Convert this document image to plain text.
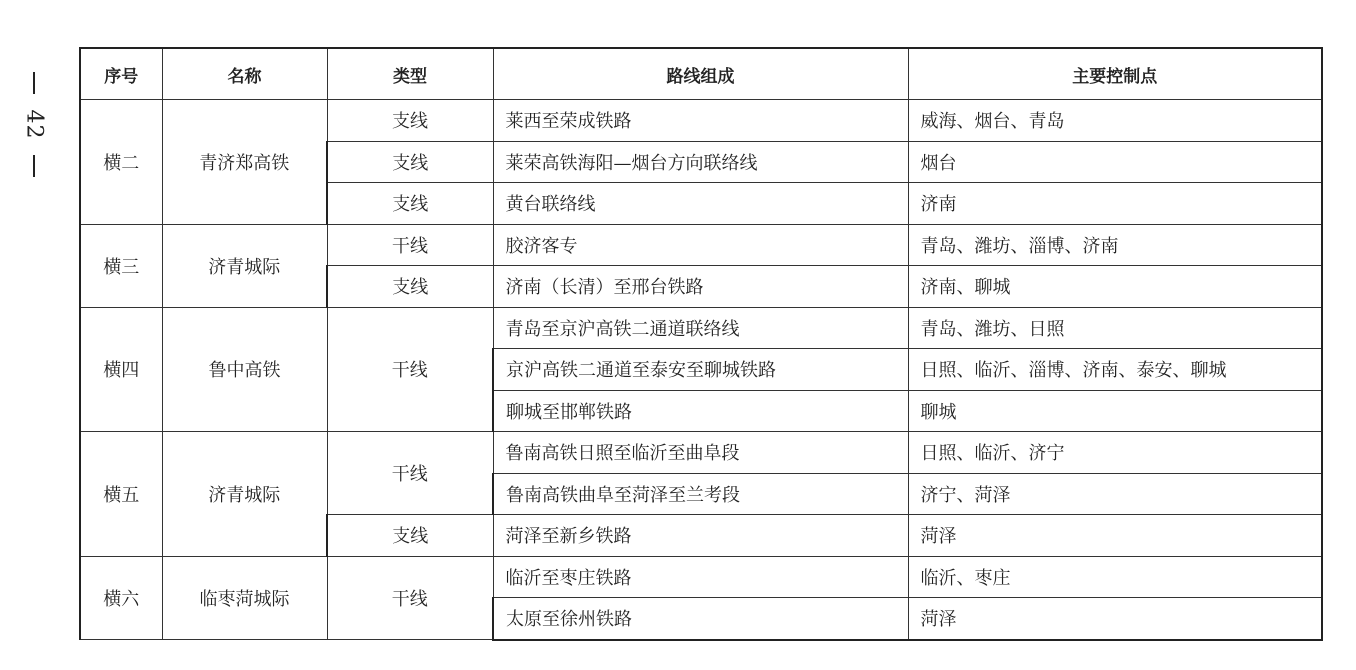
42
序号	名称	类型	路线组成	主要控制点
横二	青济郑高铁	支线	莱西至荣成铁路	威海、烟台、青岛
		支线	莱荣高铁海阳—烟台方向联络线	烟台
		支线	黄台联络线	济南
横三	济青城际	干线	胶济客专	青岛、潍坊、淄博、济南
		支线	济南（长清）至邢台铁路	济南、聊城
横四	鲁中高铁	干线	青岛至京沪高铁二通道联络线	青岛、潍坊、日照
			京沪高铁二通道至泰安至聊城铁路	日照、临沂、淄博、济南、泰安、聊城
			聊城至邯郸铁路	聊城
横五	济青城际	干线	鲁南高铁日照至临沂至曲阜段	日照、临沂、济宁
			鲁南高铁曲阜至菏泽至兰考段	济宁、菏泽
		支线	菏泽至新乡铁路	菏泽
横六	临枣菏城际	干线	临沂至枣庄铁路	临沂、枣庄
			太原至徐州铁路	菏泽
